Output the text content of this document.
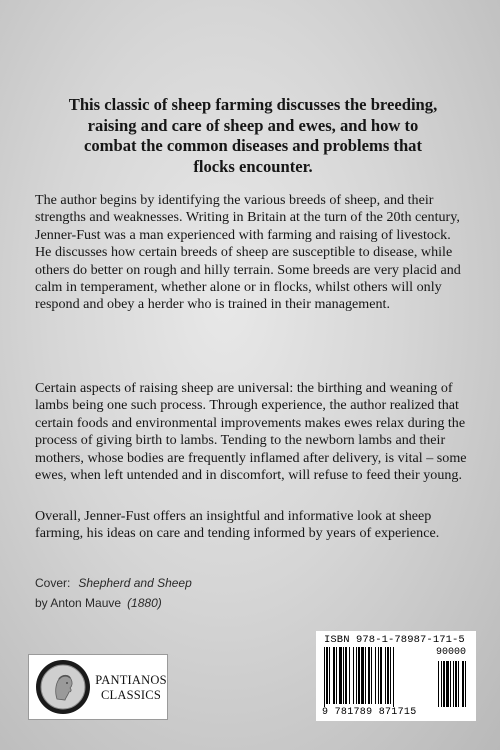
This classic of sheep farming discusses the breeding, raising and care of sheep and ewes, and how to combat the common diseases and problems that flocks encounter.

The author begins by identifying the various breeds of sheep, and their strengths and weaknesses. Writing in Britain at the turn of the 20th century, Jenner-Fust was a man experienced with farming and raising of livestock. He discusses how certain breeds of sheep are susceptible to disease, while others do better on rough and hilly terrain. Some breeds are very placid and calm in temperament, whether alone or in flocks, whilst others will only respond and obey a herder who is trained in their management.

Certain aspects of raising sheep are universal: the birthing and weaning of lambs being one such process. Through experience, the author realized that certain foods and environmental improvements makes ewes relax during the process of giving birth to lambs. Tending to the newborn lambs and their mothers, whose bodies are frequently inflamed after delivery, is vital – some ewes, when left untended and in discomfort, will refuse to feed their young.

Overall, Jenner-Fust offers an insightful and informative look at sheep farming, his ideas on care and tending informed by years of experience.

Cover: Shepherd and Sheep
by Anton Mauve (1880)
PANTIANOS
CLASSICS
ISBN 978-1-78987-171-5
90000
9 781789 871715
